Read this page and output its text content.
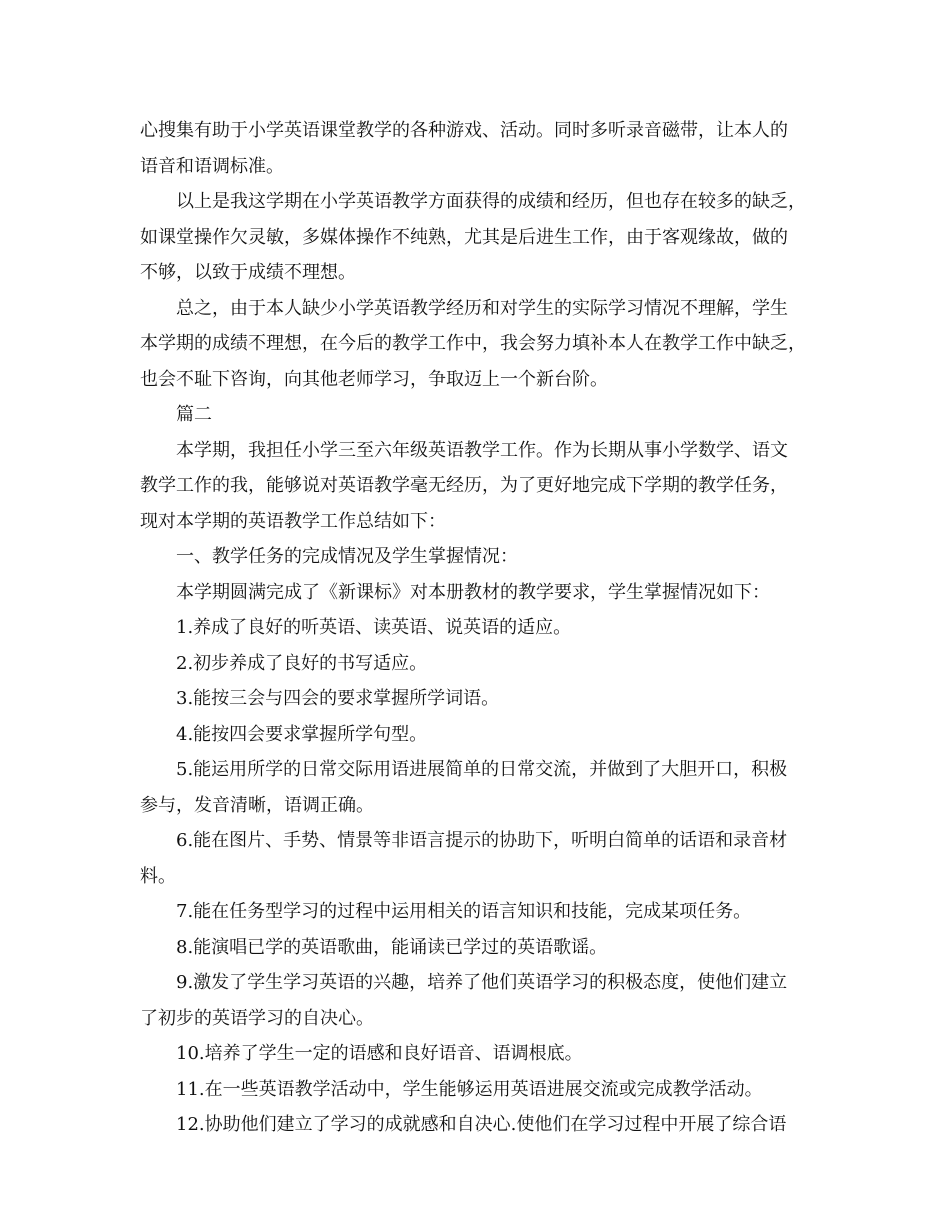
心搜集有助于小学英语课堂教学的各种游戏、活动。同时多听录音磁带，让本人的
语音和语调标准。
以上是我这学期在小学英语教学方面获得的成绩和经历，但也存在较多的缺乏，
如课堂操作欠灵敏，多媒体操作不纯熟，尤其是后进生工作，由于客观缘故，做的
不够，以致于成绩不理想。
总之，由于本人缺少小学英语教学经历和对学生的实际学习情况不理解，学生
本学期的成绩不理想，在今后的教学工作中，我会努力填补本人在教学工作中缺乏，
也会不耻下咨询，向其他老师学习，争取迈上一个新台阶。
篇二
本学期，我担任小学三至六年级英语教学工作。作为长期从事小学数学、语文
教学工作的我，能够说对英语教学毫无经历，为了更好地完成下学期的教学任务，
现对本学期的英语教学工作总结如下：
一、教学任务的完成情况及学生掌握情况：
本学期圆满完成了《新课标》对本册教材的教学要求，学生掌握情况如下：
1.养成了良好的听英语、读英语、说英语的适应。
2.初步养成了良好的书写适应。
3.能按三会与四会的要求掌握所学词语。
4.能按四会要求掌握所学句型。
5.能运用所学的日常交际用语进展简单的日常交流，并做到了大胆开口，积极
参与，发音清晰，语调正确。
6.能在图片、手势、情景等非语言提示的协助下，听明白简单的话语和录音材
料。
7.能在任务型学习的过程中运用相关的语言知识和技能，完成某项任务。
8.能演唱已学的英语歌曲，能诵读已学过的英语歌谣。
9.激发了学生学习英语的兴趣，培养了他们英语学习的积极态度，使他们建立
了初步的英语学习的自决心。
10.培养了学生一定的语感和良好语音、语调根底。
11.在一些英语教学活动中，学生能够运用英语进展交流或完成教学活动。
12.协助他们建立了学习的成就感和自决心.使他们在学习过程中开展了综合语
